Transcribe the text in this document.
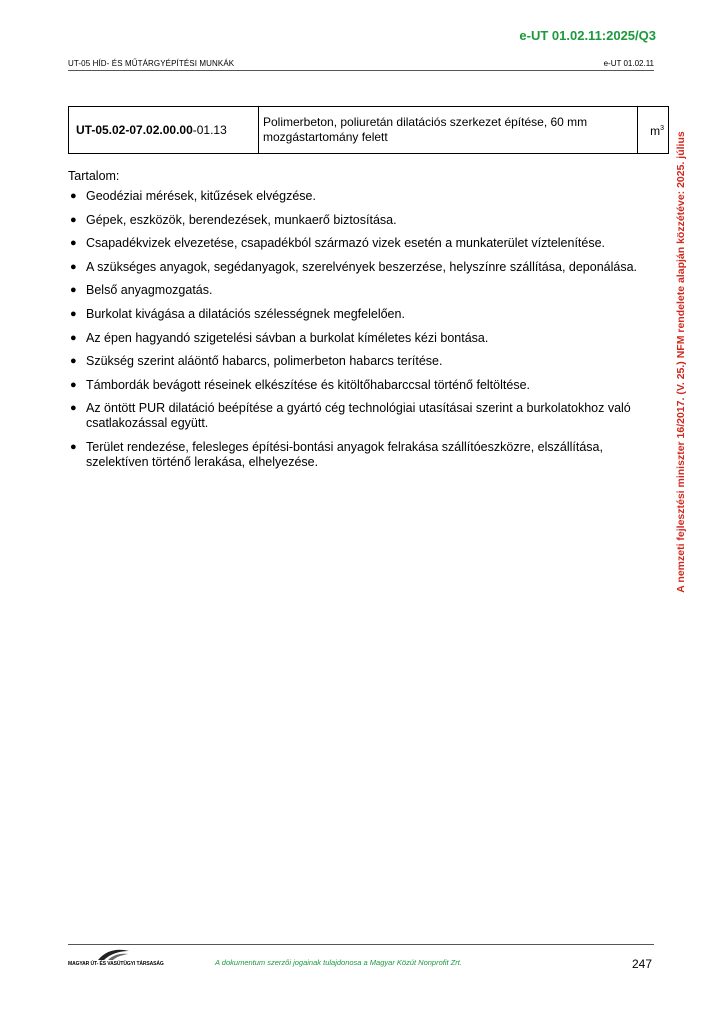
e-UT 01.02.11:2025/Q3
UT-05 HÍD- ÉS MŰTÁRGYÉPÍTÉSI MUNKÁK	e-UT 01.02.11
UT-05.02-07.02.00.00-01.13	Polimerbeton, poliuretán dilatációs szerkezet építése, 60 mm mozgástartomány felett	$m^3$
Tartalom:
● Geodéziai mérések, kitűzések elvégzése.
● Gépek, eszközök, berendezések, munkaerő biztosítása.
● Csapadékvizek elvezetése, csapadékból származó vizek esetén a munkaterület víztelenítése.
● A szükséges anyagok, segédanyagok, szerelvények beszerzése, helyszínre szállítása, deponálása.
● Belső anyagmozgatás.
● Burkolat kivágása a dilatációs szélességnek megfelelően.
● Az épen hagyandó szigetelési sávban a burkolat kíméletes kézi bontása.
● Szükség szerint aláöntő habarcs, polimerbeton habarcs terítése.
● Támbordák bevágott réseinek elkészítése és kitöltőhabarccsal történő feltöltése.
● Az öntött PUR dilatáció beépítése a gyártó cég technológiai utasításai szerint a burkolatokhoz való csatlakozással együtt.
● Terület rendezése, felesleges építési-bontási anyagok felrakása szállítóeszközre, elszállítása, szelektíven történő lerakása, elhelyezése.	A nemzeti fejlesztési miniszter 16/2017. (V. 25.) NFM rendelete alapján közzétéve: 2025. július
MAGYAR ÚT- ÉS VASÚTÜGYI TÁRSASÁG	A dokumentum szerzői jogainak tulajdonosa a Magyar Közút Nonprofit Zrt.	247
